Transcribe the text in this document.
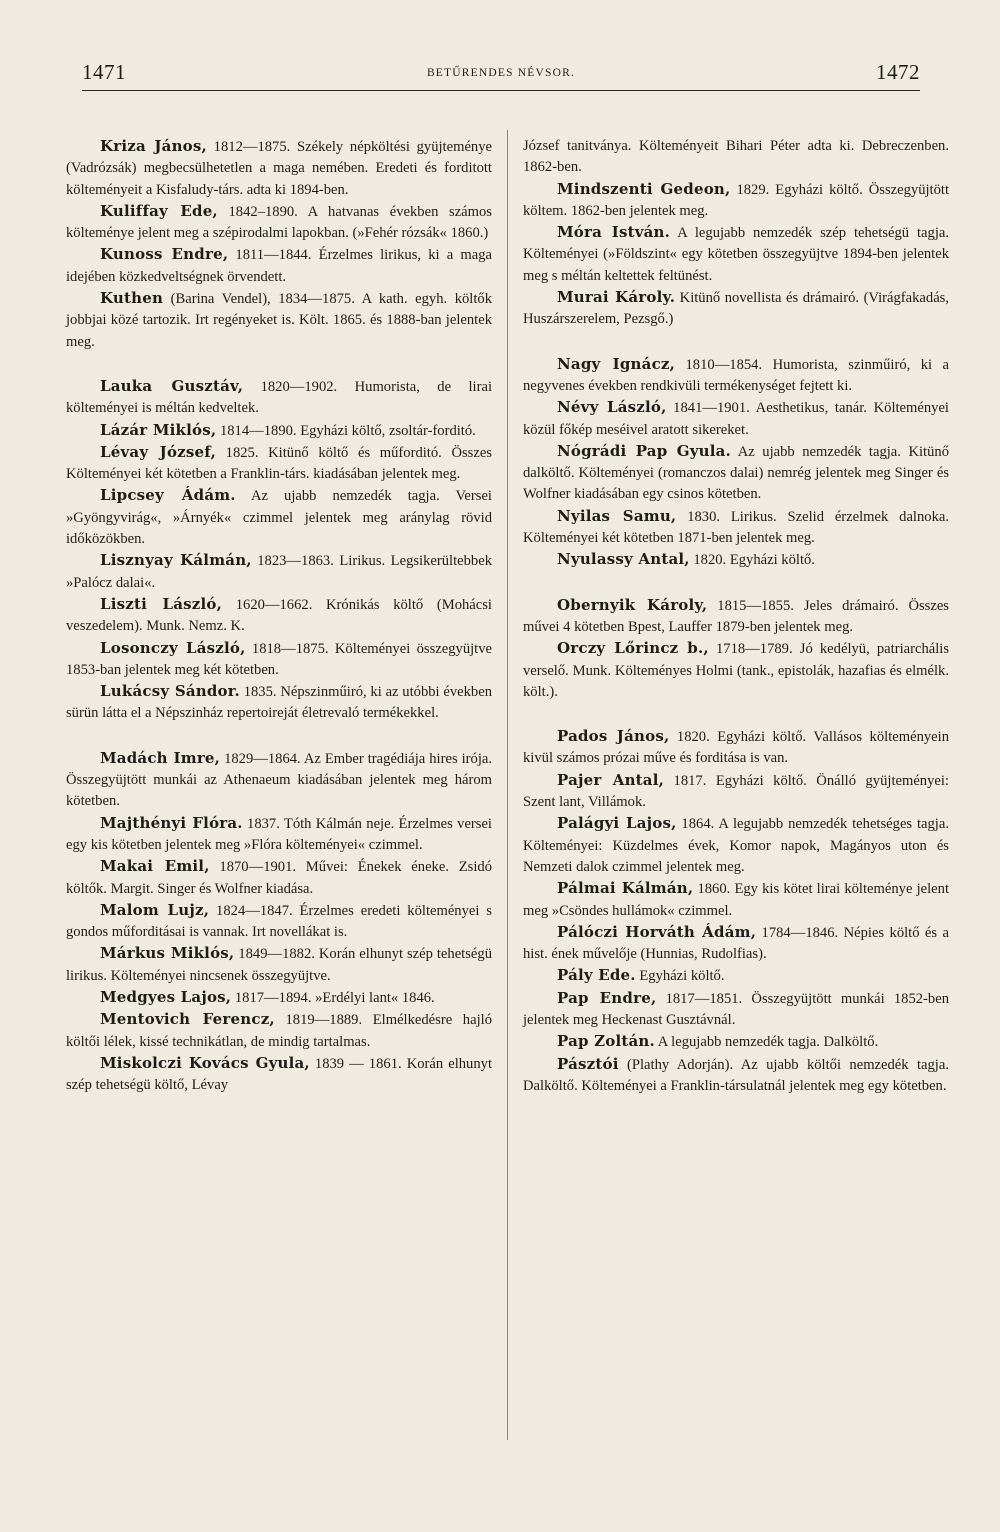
1471	BETŰRENDES NÉVSOR.	1472

Kriza János, 1812—1875. Székely népköltési gyüjteménye (Vadrózsák) megbecsülhetetlen a maga nemében. Eredeti és forditott költeményeit a Kisfaludy-társ. adta ki 1894-ben.

Kuliffay Ede, 1842–1890. A hatvanas években számos költeménye jelent meg a szépirodalmi lapokban. (»Fehér rózsák« 1860.)

Kunoss Endre, 1811—1844. Érzelmes lirikus, ki a maga idejében közkedveltségnek örvendett.

Kuthen (Barina Vendel), 1834—1875. A kath. egyh. költők jobbjai közé tartozik. Irt regényeket is. Költ. 1865. és 1888-ban jelentek meg.

Lauka Gusztáv, 1820—1902. Humorista, de lirai költeményei is méltán kedveltek.

Lázár Miklós, 1814—1890. Egyházi költő, zsoltár-forditó.

Lévay József, 1825. Kitünő költő és műforditó. Összes Költeményei két kötetben a Franklin-társ. kiadásában jelentek meg.

Lipcsey Ádám. Az ujabb nemzedék tagja. Versei »Gyöngyvirág«, »Árnyék« czimmel jelentek meg aránylag rövid időközökben.

Lisznyay Kálmán, 1823—1863. Lirikus. Legsikerültebbek »Palócz dalai«.

Liszti László, 1620—1662. Krónikás költő (Mohácsi veszedelem). Munk. Nemz. K.

Losonczy László, 1818—1875. Költeményei összegyüjtve 1853-ban jelentek meg két kötetben.

Lukácsy Sándor. 1835. Népszinműiró, ki az utóbbi években sürün látta el a Népszinház repertoireját életrevaló termékekkel.

Madách Imre, 1829—1864. Az Ember tragédiája hires irója. Összegyüjtött munkái az Athenaeum kiadásában jelentek meg három kötetben.

Majthényi Flóra. 1837. Tóth Kálmán neje. Érzelmes versei egy kis kötetben jelentek meg »Flóra költeményei« czimmel.

Makai Emil, 1870—1901. Művei: Énekek éneke. Zsidó költők. Margit. Singer és Wolfner kiadása.

Malom Lujz, 1824—1847. Érzelmes eredeti költeményei s gondos műforditásai is vannak. Irt novellákat is.

Márkus Miklós, 1849—1882. Korán elhunyt szép tehetségü lirikus. Költeményei nincsenek összegyüjtve.

Medgyes Lajos, 1817—1894. »Erdélyi lant« 1846.

Mentovich Ferencz, 1819—1889. Elmélkedésre hajló költői lélek, kissé technikátlan, de mindig tartalmas.

Miskolczi Kovács Gyula, 1839 — 1861. Korán elhunyt szép tehetségü költő, Lévay

József tanitványa. Költeményeit Bihari Péter adta ki. Debreczenben. 1862-ben.

Mindszenti Gedeon, 1829. Egyházi költő. Összegyüjtött költem. 1862-ben jelentek meg.

Móra István. A legujabb nemzedék szép tehetségü tagja. Költeményei (»Földszint« egy kötetben összegyüjtve 1894-ben jelentek meg s méltán keltettek feltünést.

Murai Károly. Kitünő novellista és drámairó. (Virágfakadás, Huszárszerelem, Pezsgő.)

Nagy Ignácz, 1810—1854. Humorista, szinműiró, ki a negyvenes években rendkivüli termékenységet fejtett ki.

Névy László, 1841—1901. Aesthetikus, tanár. Költeményei közül főkép meséivel aratott sikereket.

Nógrádi Pap Gyula. Az ujabb nemzedék tagja. Kitünő dalköltő. Költeményei (romanczos dalai) nemrég jelentek meg Singer és Wolfner kiadásában egy csinos kötetben.

Nyilas Samu, 1830. Lirikus. Szelid érzelmek dalnoka. Költeményei két kötetben 1871-ben jelentek meg.

Nyulassy Antal, 1820. Egyházi költő.

Obernyik Károly, 1815—1855. Jeles drámairó. Összes művei 4 kötetben Bpest, Lauffer 1879-ben jelentek meg.

Orczy Lőrincz b., 1718—1789. Jó kedélyü, patriarchális verselő. Munk. Költeményes Holmi (tank., epistolák, hazafias és elmélk. költ.).

Pados János, 1820. Egyházi költő. Vallásos költeményein kivül számos prózai műve és forditása is van.

Pajer Antal, 1817. Egyházi költő. Önálló gyüjteményei: Szent lant, Villámok.

Palágyi Lajos, 1864. A legujabb nemzedék tehetséges tagja. Költeményei: Küzdelmes évek, Komor napok, Magányos uton és Nemzeti dalok czimmel jelentek meg.

Pálmai Kálmán, 1860. Egy kis kötet lirai költeménye jelent meg »Csöndes hullámok« czimmel.

Pálóczi Horváth Ádám, 1784—1846. Népies költő és a hist. ének művelője (Hunnias, Rudolfias).

Pály Ede. Egyházi költő.

Pap Endre, 1817—1851. Összegyüjtött munkái 1852-ben jelentek meg Heckenast Gusztávnál.

Pap Zoltán. A legujabb nemzedék tagja. Dalköltő.

Pásztói (Plathy Adorján). Az ujabb költői nemzedék tagja. Dalköltő. Költeményei a Franklin-társulatnál jelentek meg egy kötetben.
